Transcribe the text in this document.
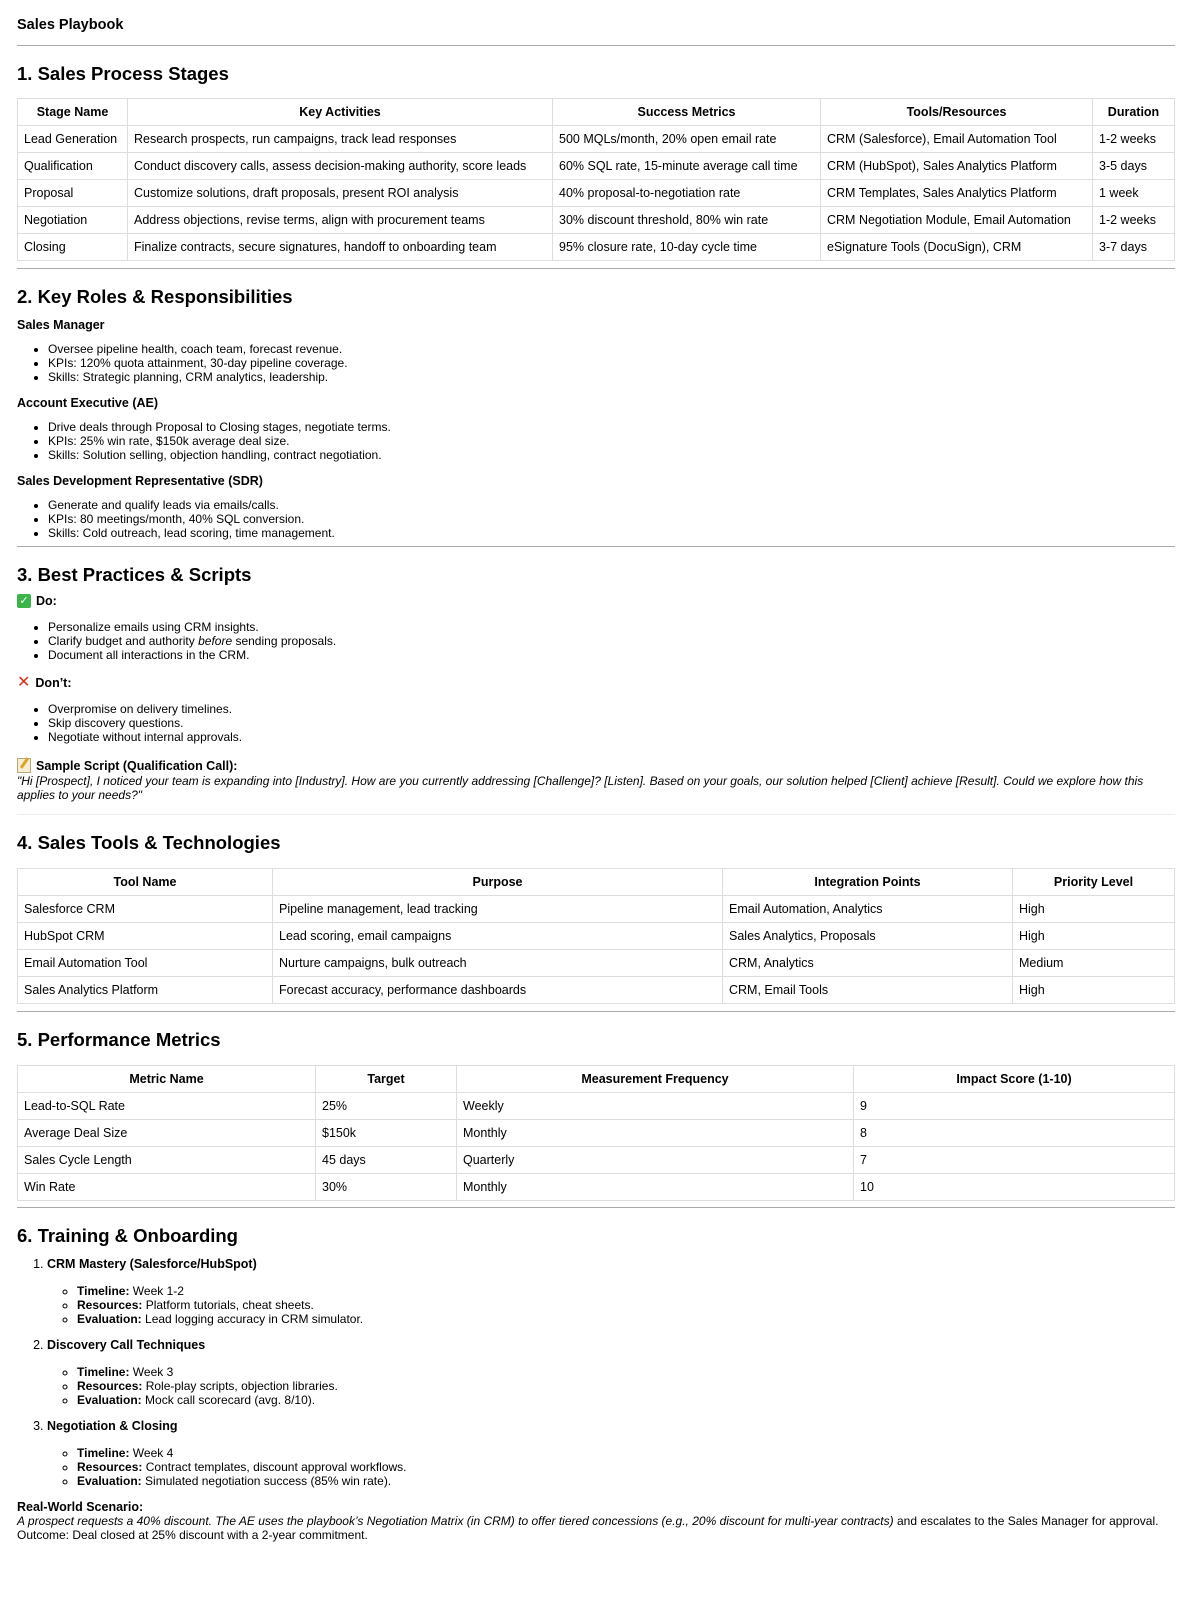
Sales Playbook
1. Sales Process Stages
Stage Name	Key Activities	Success Metrics	Tools/Resources	Duration
Lead Generation	Research prospects, run campaigns, track lead responses	500 MQLs/month, 20% open email rate	CRM (Salesforce), Email Automation Tool	1-2 weeks
Qualification	Conduct discovery calls, assess decision-making authority, score leads	60% SQL rate, 15-minute average call time	CRM (HubSpot), Sales Analytics Platform	3-5 days
Proposal	Customize solutions, draft proposals, present ROI analysis	40% proposal-to-negotiation rate	CRM Templates, Sales Analytics Platform	1 week
Negotiation	Address objections, revise terms, align with procurement teams	30% discount threshold, 80% win rate	CRM Negotiation Module, Email Automation	1-2 weeks
Closing	Finalize contracts, secure signatures, handoff to onboarding team	95% closure rate, 10-day cycle time	eSignature Tools (DocuSign), CRM	3-7 days
2. Key Roles & Responsibilities
Sales Manager
• Oversee pipeline health, coach team, forecast revenue.
• KPIs: 120% quota attainment, 30-day pipeline coverage.
• Skills: Strategic planning, CRM analytics, leadership.
Account Executive (AE)
• Drive deals through Proposal to Closing stages, negotiate terms.
• KPIs: 25% win rate, $150k average deal size.
• Skills: Solution selling, objection handling, contract negotiation.
Sales Development Representative (SDR)
• Generate and qualify leads via emails/calls.
• KPIs: 80 meetings/month, 40% SQL conversion.
• Skills: Cold outreach, lead scoring, time management.
3. Best Practices & Scripts
✓ Do:
• Personalize emails using CRM insights.
• Clarify budget and authority before sending proposals.
• Document all interactions in the CRM.
✕ Don’t:
• Overpromise on delivery timelines.
• Skip discovery questions.
• Negotiate without internal approvals.
Sample Script (Qualification Call):

"Hi [Prospect], I noticed your team is expanding into [Industry]. How are you currently addressing [Challenge]? [Listen]. Based on your goals, our solution helped [Client] achieve [Result]. Could we explore how this applies to your needs?"

4. Sales Tools & Technologies
Tool Name	Purpose	Integration Points	Priority Level
Salesforce CRM	Pipeline management, lead tracking	Email Automation, Analytics	High
HubSpot CRM	Lead scoring, email campaigns	Sales Analytics, Proposals	High
Email Automation Tool	Nurture campaigns, bulk outreach	CRM, Analytics	Medium
Sales Analytics Platform	Forecast accuracy, performance dashboards	CRM, Email Tools	High
5. Performance Metrics
Metric Name	Target	Measurement Frequency	Impact Score (1-10)
Lead-to-SQL Rate	25%	Weekly	9
Average Deal Size	$150k	Monthly	8
Sales Cycle Length	45 days	Quarterly	7
Win Rate	30%	Monthly	10
6. Training & Onboarding
1. CRM Mastery (Salesforce/HubSpot)
◦ Timeline: Week 1-2
◦ Resources: Platform tutorials, cheat sheets.
◦ Evaluation: Lead logging accuracy in CRM simulator.
2. Discovery Call Techniques
◦ Timeline: Week 3
◦ Resources: Role-play scripts, objection libraries.
◦ Evaluation: Mock call scorecard (avg. 8/10).
3. Negotiation & Closing
◦ Timeline: Week 4
◦ Resources: Contract templates, discount approval workflows.
◦ Evaluation: Simulated negotiation success (85% win rate).
Real-World Scenario:

A prospect requests a 40% discount. The AE uses the playbook’s Negotiation Matrix (in CRM) to offer tiered concessions (e.g., 20% discount for multi-year contracts) and escalates to the Sales Manager for approval. Outcome: Deal closed at 25% discount with a 2-year commitment.
